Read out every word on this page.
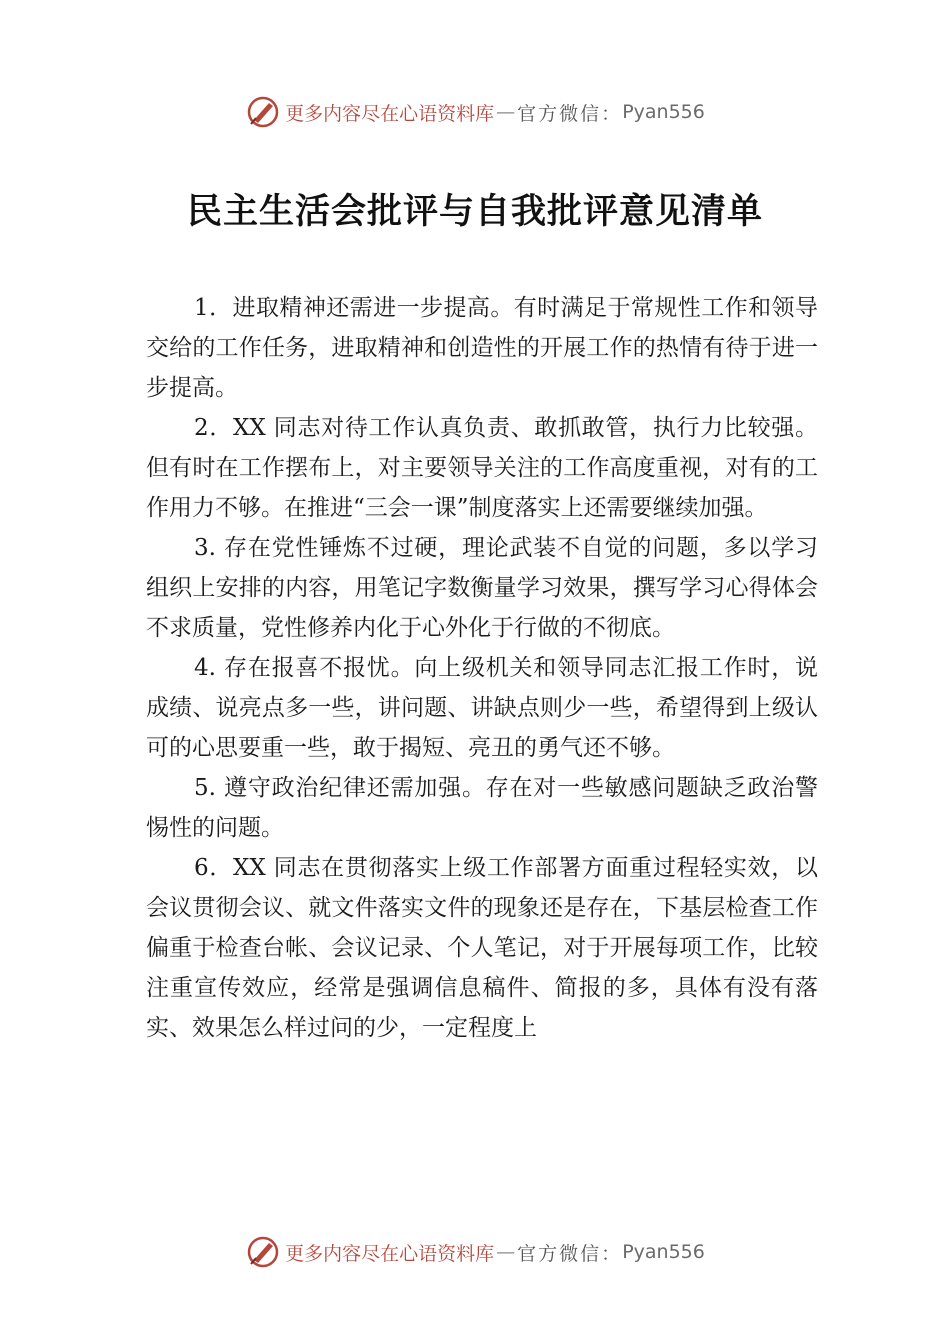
更多内容尽在心语资料库 — 官方微信： Pyan556
民主生活会批评与自我批评意见清单

1．进取精神还需进一步提高。有时满足于常规性工作和领导交给的工作任务，进取精神和创造性的开展工作的热情有待于进一步提高。

2．XX 同志对待工作认真负责、敢抓敢管，执行力比较强。但有时在工作摆布上，对主要领导关注的工作高度重视，对有的工作用力不够。在推进“三会一课”制度落实上还需要继续加强。

3. 存在党性锤炼不过硬，理论武装不自觉的问题，多以学习组织上安排的内容，用笔记字数衡量学习效果，撰写学习心得体会不求质量，党性修养内化于心外化于行做的不彻底。

4. 存在报喜不报忧。向上级机关和领导同志汇报工作时，说成绩、说亮点多一些，讲问题、讲缺点则少一些，希望得到上级认可的心思要重一些，敢于揭短、亮丑的勇气还不够。

5. 遵守政治纪律还需加强。存在对一些敏感问题缺乏政治警惕性的问题。

6．XX 同志在贯彻落实上级工作部署方面重过程轻实效，以会议贯彻会议、就文件落实文件的现象还是存在，下基层检查工作偏重于检查台帐、会议记录、个人笔记，对于开展每项工作，比较注重宣传效应，经常是强调信息稿件、简报的多，具体有没有落实、效果怎么样过问的少，一定程度上

更多内容尽在心语资料库 — 官方微信： Pyan556
